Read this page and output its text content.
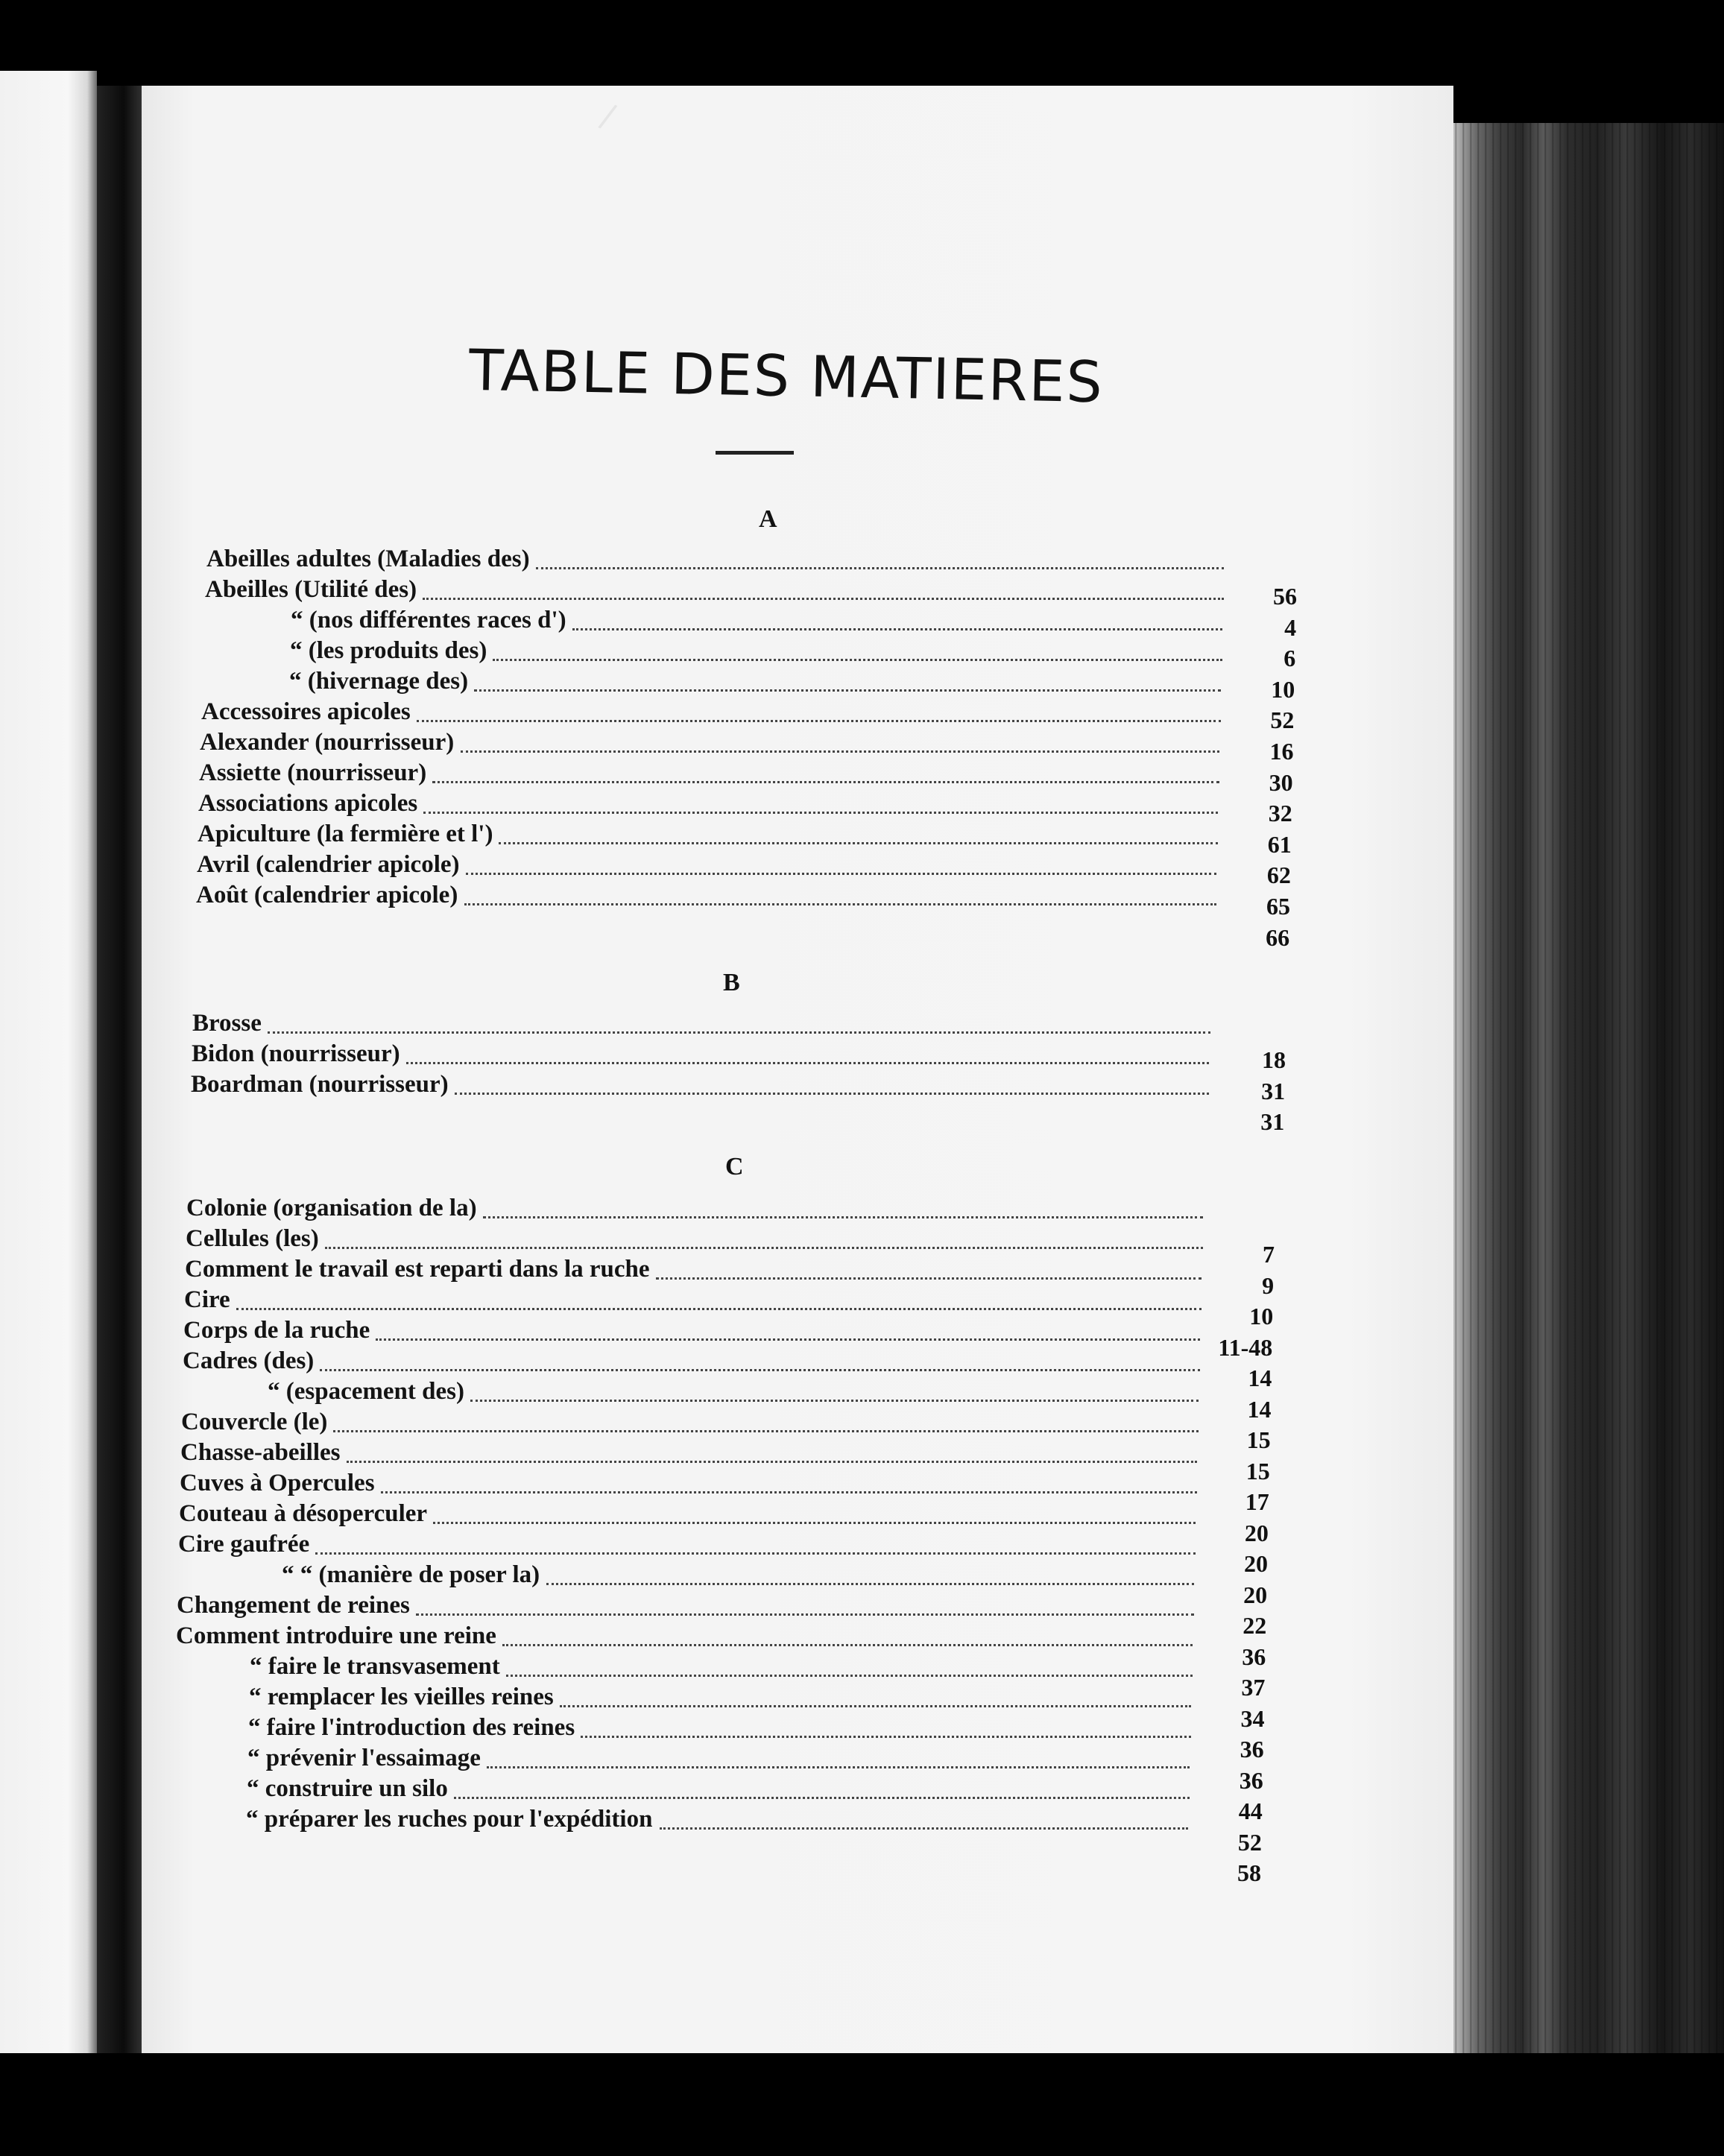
/
TABLE DES MATIERES
A
Abeilles adultes (Maladies des)
Abeilles (Utilité des)
“ (nos différentes races d')
“ (les produits des)
“ (hivernage des)
Accessoires apicoles
Alexander (nourrisseur)
Assiette (nourrisseur)
Associations apicoles
Apiculture (la fermière et l')
Avril (calendrier apicole)
Août (calendrier apicole)
56
4
6
10
52
16
30
32
61
62
65
66
B
Brosse
Bidon (nourrisseur)
Boardman (nourrisseur)
18
31
31
C
Colonie (organisation de la)
Cellules (les)
Comment le travail est reparti dans la ruche
Cire
Corps de la ruche
Cadres (des)
“ (espacement des)
Couvercle (le)
Chasse-abeilles
Cuves à Opercules
Couteau à désoperculer
Cire gaufrée
“ “ (manière de poser la)
Changement de reines
Comment introduire une reine
“ faire le transvasement
“ remplacer les vieilles reines
“ faire l'introduction des reines
“ prévenir l'essaimage
“ construire un silo
“ préparer les ruches pour l'expédition
7
9
10
11-48
14
14
15
15
17
20
20
20
22
36
37
34
36
36
44
52
58
